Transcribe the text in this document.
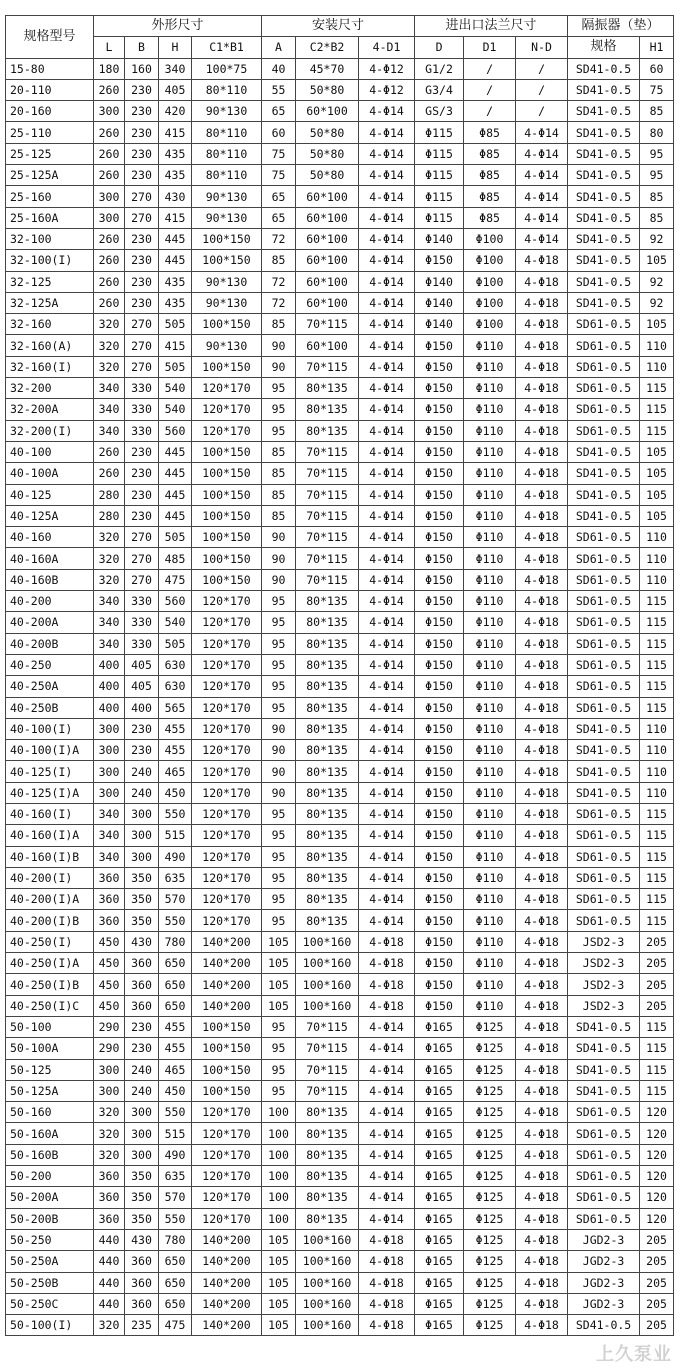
规格型号	外形尺寸				安装尺寸			进出口法兰尺寸			隔振器（垫）	
	L	B	H	C1*B1	A	C2*B2	4-D1	D	D1	N-D	规格	H1
15-80	180	160	340	100*75	40	45*70	4-Φ12	G1/2	/	/	SD41-0.5	60
20-110	260	230	405	80*110	55	50*80	4-Φ12	G3/4	/	/	SD41-0.5	75
20-160	300	230	420	90*130	65	60*100	4-Φ14	GS/3	/	/	SD41-0.5	85
25-110	260	230	415	80*110	60	50*80	4-Φ14	Φ115	Φ85	4-Φ14	SD41-0.5	80
25-125	260	230	435	80*110	75	50*80	4-Φ14	Φ115	Φ85	4-Φ14	SD41-0.5	95
25-125A	260	230	435	80*110	75	50*80	4-Φ14	Φ115	Φ85	4-Φ14	SD41-0.5	95
25-160	300	270	430	90*130	65	60*100	4-Φ14	Φ115	Φ85	4-Φ14	SD41-0.5	85
25-160A	300	270	415	90*130	65	60*100	4-Φ14	Φ115	Φ85	4-Φ14	SD41-0.5	85
32-100	260	230	445	100*150	72	60*100	4-Φ14	Φ140	Φ100	4-Φ14	SD41-0.5	92
32-100(I)	260	230	445	100*150	85	60*100	4-Φ14	Φ150	Φ100	4-Φ18	SD41-0.5	105
32-125	260	230	435	90*130	72	60*100	4-Φ14	Φ140	Φ100	4-Φ18	SD41-0.5	92
32-125A	260	230	435	90*130	72	60*100	4-Φ14	Φ140	Φ100	4-Φ18	SD41-0.5	92
32-160	320	270	505	100*150	85	70*115	4-Φ14	Φ140	Φ100	4-Φ18	SD61-0.5	105
32-160(A)	320	270	415	90*130	90	60*100	4-Φ14	Φ150	Φ110	4-Φ18	SD61-0.5	110
32-160(I)	320	270	505	100*150	90	70*115	4-Φ14	Φ150	Φ110	4-Φ18	SD61-0.5	110
32-200	340	330	540	120*170	95	80*135	4-Φ14	Φ150	Φ110	4-Φ18	SD61-0.5	115
32-200A	340	330	540	120*170	95	80*135	4-Φ14	Φ150	Φ110	4-Φ18	SD61-0.5	115
32-200(I)	340	330	560	120*170	95	80*135	4-Φ14	Φ150	Φ110	4-Φ18	SD61-0.5	115
40-100	260	230	445	100*150	85	70*115	4-Φ14	Φ150	Φ110	4-Φ18	SD41-0.5	105
40-100A	260	230	445	100*150	85	70*115	4-Φ14	Φ150	Φ110	4-Φ18	SD41-0.5	105
40-125	280	230	445	100*150	85	70*115	4-Φ14	Φ150	Φ110	4-Φ18	SD41-0.5	105
40-125A	280	230	445	100*150	85	70*115	4-Φ14	Φ150	Φ110	4-Φ18	SD41-0.5	105
40-160	320	270	505	100*150	90	70*115	4-Φ14	Φ150	Φ110	4-Φ18	SD61-0.5	110
40-160A	320	270	485	100*150	90	70*115	4-Φ14	Φ150	Φ110	4-Φ18	SD61-0.5	110
40-160B	320	270	475	100*150	90	70*115	4-Φ14	Φ150	Φ110	4-Φ18	SD61-0.5	110
40-200	340	330	560	120*170	95	80*135	4-Φ14	Φ150	Φ110	4-Φ18	SD61-0.5	115
40-200A	340	330	540	120*170	95	80*135	4-Φ14	Φ150	Φ110	4-Φ18	SD61-0.5	115
40-200B	340	330	505	120*170	95	80*135	4-Φ14	Φ150	Φ110	4-Φ18	SD61-0.5	115
40-250	400	405	630	120*170	95	80*135	4-Φ14	Φ150	Φ110	4-Φ18	SD61-0.5	115
40-250A	400	405	630	120*170	95	80*135	4-Φ14	Φ150	Φ110	4-Φ18	SD61-0.5	115
40-250B	400	400	565	120*170	95	80*135	4-Φ14	Φ150	Φ110	4-Φ18	SD61-0.5	115
40-100(I)	300	230	455	120*170	90	80*135	4-Φ14	Φ150	Φ110	4-Φ18	SD41-0.5	110
40-100(I)A	300	230	455	120*170	90	80*135	4-Φ14	Φ150	Φ110	4-Φ18	SD41-0.5	110
40-125(I)	300	240	465	120*170	90	80*135	4-Φ14	Φ150	Φ110	4-Φ18	SD41-0.5	110
40-125(I)A	300	240	450	120*170	90	80*135	4-Φ14	Φ150	Φ110	4-Φ18	SD41-0.5	110
40-160(I)	340	300	550	120*170	95	80*135	4-Φ14	Φ150	Φ110	4-Φ18	SD61-0.5	115
40-160(I)A	340	300	515	120*170	95	80*135	4-Φ14	Φ150	Φ110	4-Φ18	SD61-0.5	115
40-160(I)B	340	300	490	120*170	95	80*135	4-Φ14	Φ150	Φ110	4-Φ18	SD61-0.5	115
40-200(I)	360	350	635	120*170	95	80*135	4-Φ14	Φ150	Φ110	4-Φ18	SD61-0.5	115
40-200(I)A	360	350	570	120*170	95	80*135	4-Φ14	Φ150	Φ110	4-Φ18	SD61-0.5	115
40-200(I)B	360	350	550	120*170	95	80*135	4-Φ14	Φ150	Φ110	4-Φ18	SD61-0.5	115
40-250(I)	450	430	780	140*200	105	100*160	4-Φ18	Φ150	Φ110	4-Φ18	JSD2-3	205
40-250(I)A	450	360	650	140*200	105	100*160	4-Φ18	Φ150	Φ110	4-Φ18	JSD2-3	205
40-250(I)B	450	360	650	140*200	105	100*160	4-Φ18	Φ150	Φ110	4-Φ18	JSD2-3	205
40-250(I)C	450	360	650	140*200	105	100*160	4-Φ18	Φ150	Φ110	4-Φ18	JSD2-3	205
50-100	290	230	455	100*150	95	70*115	4-Φ14	Φ165	Φ125	4-Φ18	SD41-0.5	115
50-100A	290	230	455	100*150	95	70*115	4-Φ14	Φ165	Φ125	4-Φ18	SD41-0.5	115
50-125	300	240	465	100*150	95	70*115	4-Φ14	Φ165	Φ125	4-Φ18	SD41-0.5	115
50-125A	300	240	450	100*150	95	70*115	4-Φ14	Φ165	Φ125	4-Φ18	SD41-0.5	115
50-160	320	300	550	120*170	100	80*135	4-Φ14	Φ165	Φ125	4-Φ18	SD61-0.5	120
50-160A	320	300	515	120*170	100	80*135	4-Φ14	Φ165	Φ125	4-Φ18	SD61-0.5	120
50-160B	320	300	490	120*170	100	80*135	4-Φ14	Φ165	Φ125	4-Φ18	SD61-0.5	120
50-200	360	350	635	120*170	100	80*135	4-Φ14	Φ165	Φ125	4-Φ18	SD61-0.5	120
50-200A	360	350	570	120*170	100	80*135	4-Φ14	Φ165	Φ125	4-Φ18	SD61-0.5	120
50-200B	360	350	550	120*170	100	80*135	4-Φ14	Φ165	Φ125	4-Φ18	SD61-0.5	120
50-250	440	430	780	140*200	105	100*160	4-Φ18	Φ165	Φ125	4-Φ18	JGD2-3	205
50-250A	440	360	650	140*200	105	100*160	4-Φ18	Φ165	Φ125	4-Φ18	JGD2-3	205
50-250B	440	360	650	140*200	105	100*160	4-Φ18	Φ165	Φ125	4-Φ18	JGD2-3	205
50-250C	440	360	650	140*200	105	100*160	4-Φ18	Φ165	Φ125	4-Φ18	JGD2-3	205
50-100(I)	320	235	475	140*200	105	100*160	4-Φ18	Φ165	Φ125	4-Φ18	SD41-0.5	205
上久泵业
